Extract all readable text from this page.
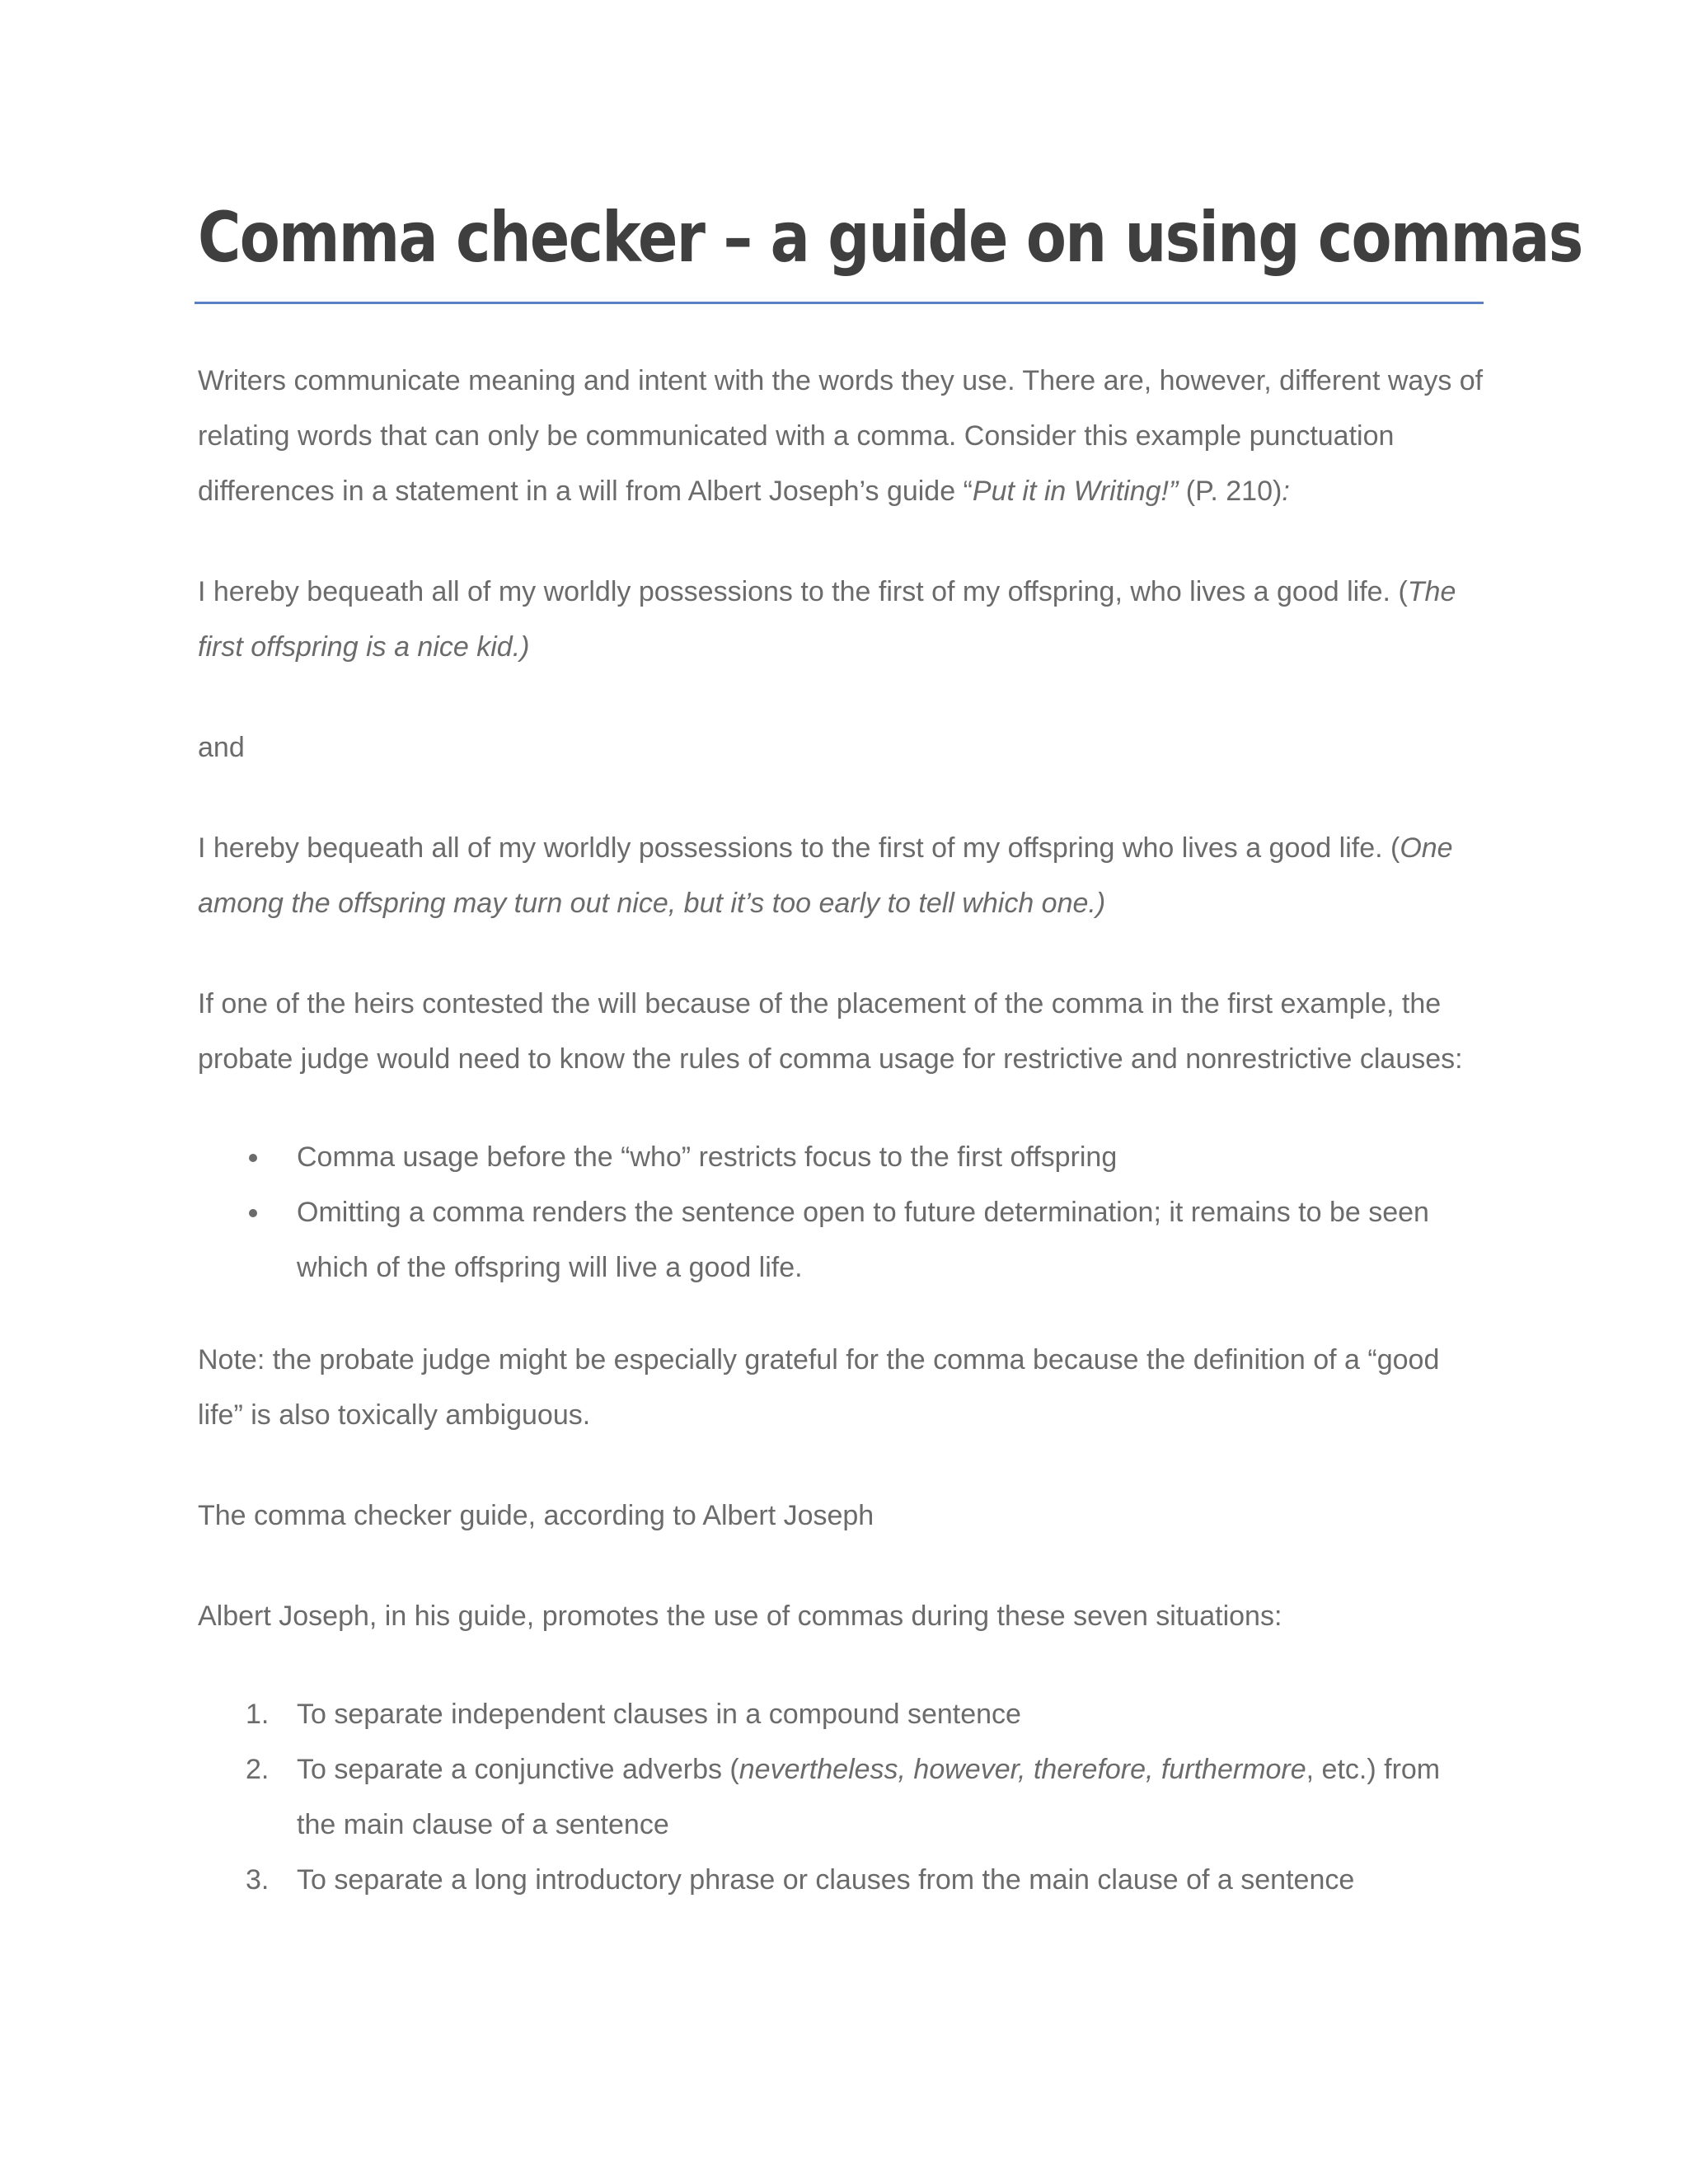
Comma checker – a guide on using commas

Writers communicate meaning and intent with the words they use. There are, however, different ways of relating words that can only be communicated with a comma. Consider this example punctuation differences in a statement in a will from Albert Joseph’s guide “Put it in Writing!” (P. 210):

I hereby bequeath all of my worldly possessions to the first of my offspring, who lives a good life. (The first offspring is a nice kid.)

and

I hereby bequeath all of my worldly possessions to the first of my offspring who lives a good life. (One among the offspring may turn out nice, but it’s too early to tell which one.)

If one of the heirs contested the will because of the placement of the comma in the first example, the probate judge would need to know the rules of comma usage for restrictive and nonrestrictive clauses:

Comma usage before the “who” restricts focus to the first offspring
Omitting a comma renders the sentence open to future determination; it remains to be seen which of the offspring will live a good life.

Note: the probate judge might be especially grateful for the comma because the definition of a “good life” is also toxically ambiguous.

The comma checker guide, according to Albert Joseph

Albert Joseph, in his guide, promotes the use of commas during these seven situations:

1. To separate independent clauses in a compound sentence
2. To separate a conjunctive adverbs (nevertheless, however, therefore, furthermore, etc.) from the main clause of a sentence
3. To separate a long introductory phrase or clauses from the main clause of a sentence
